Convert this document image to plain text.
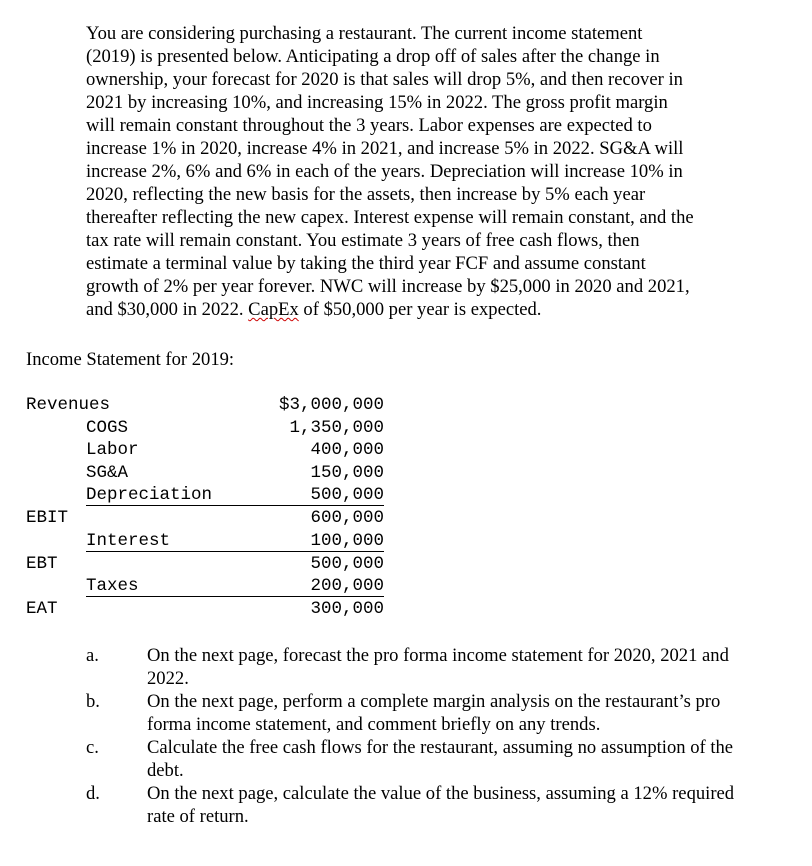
You are considering purchasing a restaurant. The current income statement
(2019) is presented below. Anticipating a drop off of sales after the change in
ownership, your forecast for 2020 is that sales will drop 5%, and then recover in
2021 by increasing 10%, and increasing 15% in 2022. The gross profit margin
will remain constant throughout the 3 years. Labor expenses are expected to
increase 1% in 2020, increase 4% in 2021, and increase 5% in 2022. SG&A will
increase 2%, 6% and 6% in each of the years. Depreciation will increase 10% in
2020, reflecting the new basis for the assets, then increase by 5% each year
thereafter reflecting the new capex. Interest expense will remain constant, and the
tax rate will remain constant. You estimate 3 years of free cash flows, then
estimate a terminal value by taking the third year FCF and assume constant
growth of 2% per year forever. NWC will increase by $25,000 in 2020 and 2021,
and $30,000 in 2022. CapEx of $50,000 per year is expected.
Income Statement for 2019:
Revenues	$3,000,000
COGS	1,350,000
Labor	400,000
SG&A	150,000
Depreciation	500,000
EBIT	600,000
Interest	100,000
EBT	500,000
Taxes	200,000
EAT	300,000
a.	On the next page, forecast the pro forma income statement for 2020, 2021 and 2022.
b.	On the next page, perform a complete margin analysis on the restaurant’s pro forma income statement, and comment briefly on any trends.
c.	Calculate the free cash flows for the restaurant, assuming no assumption of the debt.
d.	On the next page, calculate the value of the business, assuming a 12% required rate of return.
